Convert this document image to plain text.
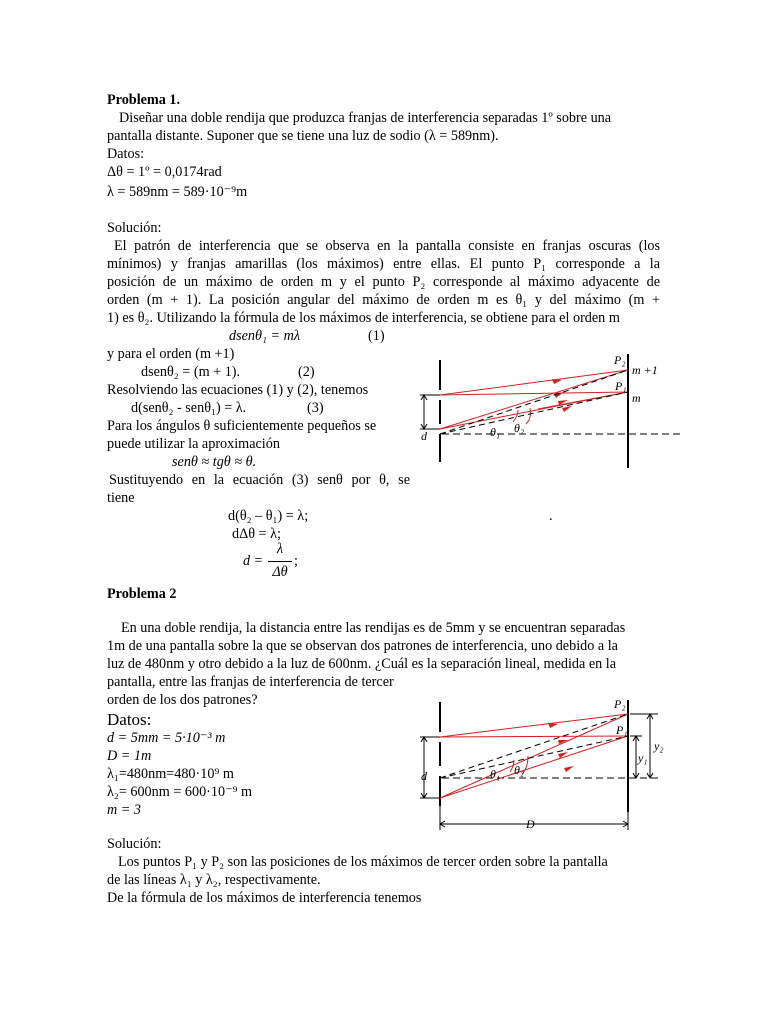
Problema 1.
Diseñar una doble rendija que produzca franjas de interferencia separadas 1º sobre una
pantalla distante. Suponer que se tiene una luz de sodio (λ = 589nm).
Datos:
Δθ = 1º = 0,0174rad
λ = 589nm = 589·10⁻⁹m
Solución:
El patrón de interferencia que se observa en la pantalla consiste en franjas oscuras (los
mínimos) y franjas amarillas (los máximos) entre ellas. El punto P₁ corresponde a la
posición de un máximo de orden m y el punto P₂ corresponde al máximo adyacente de
orden (m + 1). La posición angular del máximo de orden m es θ₁ y del máximo (m +
1) es θ₂. Utilizando la fórmula de los máximos de interferencia, se obtiene para el orden m
dsenθ₁ = mλ	(1)
y para el orden (m +1)
dsenθ₂ = (m + 1).	(2)
Resolviendo las ecuaciones (1) y (2), tenemos
d(senθ₂ - senθ₁) = λ.	(3)
Para los ángulos θ suficientemente pequeños se
puede utilizar la aproximación
senθ ≈ tgθ ≈ θ.
Sustituyendo en la ecuación (3) senθ por θ, se
tiene
d(θ₂ – θ₁) = λ;	.
dΔθ = λ;
d =
λ
Δθ
;
P₂
P₁
m +1
m
d	θ₁ θ₂
Problema 2
En una doble rendija, la distancia entre las rendijas es de 5mm y se encuentran separadas
1m de una pantalla sobre la que se observan dos patrones de interferencia, uno debido a la
luz de 480nm y otro debido a la luz de 600nm. ¿Cuál es la separación lineal, medida en la
pantalla, entre las franjas de interferencia de tercer
orden de los dos patrones?
Datos:
d = 5mm = 5·10⁻³ m
D = 1m
λ₁=480nm=480·10⁹ m
λ₂= 600nm = 600·10⁻⁹ m
m = 3
Solución:
Los puntos P₁ y P₂ son las posiciones de los máximos de tercer orden sobre la pantalla
de las líneas λ₁ y λ₂, respectivamente.
De la fórmula de los máximos de interferencia tenemos
P₂
P₁
y₂
y₁
d
D
θ₁ θ₂
